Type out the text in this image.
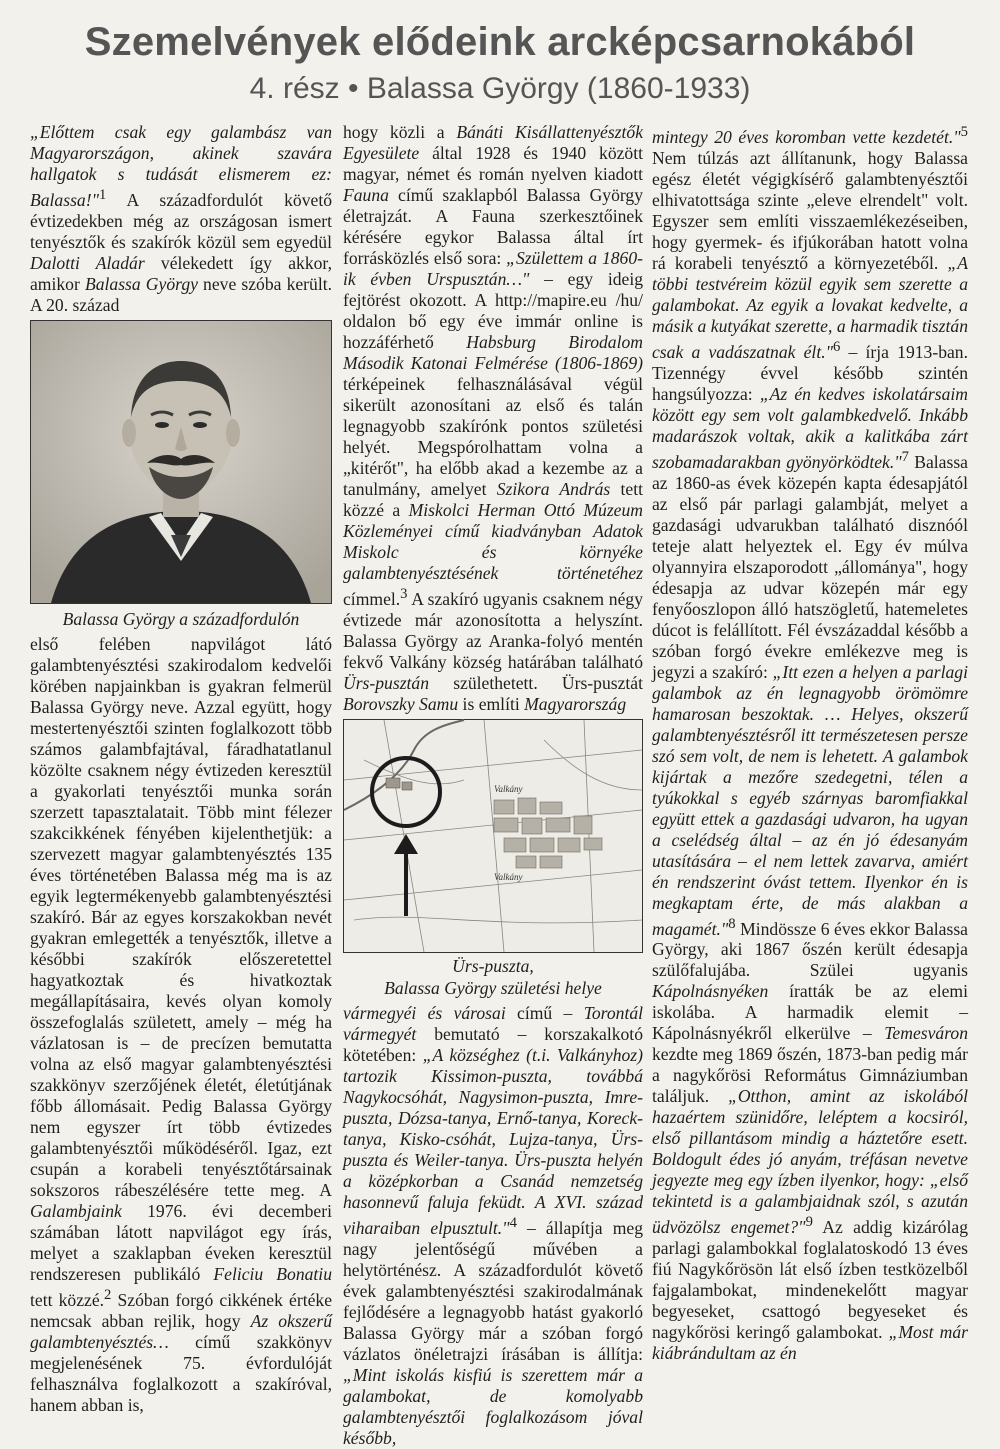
Szemelvények elődeink arcképcsarnokából
4. rész • Balassa György (1860-1933)

„Előttem csak egy galambász van Magyarországon, akinek szavára hallgatok s tudását elismerem ez: Balassa!"$^1$ A századfordulót követő évtizedekben még az országosan ismert tenyésztők és szakírók közül sem egyedül Dalotti Aladár vélekedett így akkor, amikor Balassa György neve szóba került. A 20. század

Balassa György a századfordulón

első felében napvilágot látó galambtenyésztési szakirodalom kedvelői körében napjainkban is gyakran felmerül Balassa György neve. Azzal együtt, hogy mestertenyésztői szinten foglalkozott több számos galambfajtával, fáradhatatlanul közölte csaknem négy évtizeden keresztül a gyakorlati tenyésztői munka során szerzett tapasztalatait. Több mint félezer szakcikkének fényében kijelenthetjük: a szervezett magyar galambtenyésztés 135 éves történetében Balassa még ma is az egyik legtermékenyebb galambtenyésztési szakíró. Bár az egyes korszakokban nevét gyakran emlegették a tenyésztők, illetve a későbbi szakírók előszeretettel hagyatkoztak és hivatkoztak megállapításaira, kevés olyan komoly összefoglalás született, amely – még ha vázlatosan is – de precízen bemutatta volna az első magyar galambtenyésztési szakkönyv szerzőjének életét, életútjának főbb állomásait. Pedig Balassa György nem egyszer írt több évtizedes galambtenyésztői működéséről. Igaz, ezt csupán a korabeli tenyésztőtársainak sokszoros rábeszélésére tette meg. A Galambjaink 1976. évi decemberi számában látott napvilágot egy írás, melyet a szaklapban éveken keresztül rendszeresen publikáló Feliciu Bonatiu tett közzé.$^2$ Szóban forgó cikkének értéke nemcsak abban rejlik, hogy Az okszerű galambtenyésztés… című szakkönyv megjelenésének 75. évfordulóját felhasználva foglalkozott a szakíróval, hanem abban is,

hogy közli a Bánáti Kisállattenyésztők Egyesülete által 1928 és 1940 között magyar, német és román nyelven kiadott Fauna című szaklapból Balassa György életrajzát. A Fauna szerkesztőinek kérésére egykor Balassa által írt forrásközlés első sora: „Születtem a 1860-ik évben Urspusztán…" – egy ideig fejtörést okozott. A http://mapire.eu /hu/ oldalon bő egy éve immár online is hozzáférhető Habsburg Birodalom Második Katonai Felmérése (1806-1869) térképeinek felhasználásával végül sikerült azonosítani az első és talán legnagyobb szakírónk pontos születési helyét. Megspórolhattam volna a „kitérőt", ha előbb akad a kezembe az a tanulmány, amelyet Szikora András tett közzé a Miskolci Herman Ottó Múzeum Közleményei című kiadványban Adatok Miskolc és környéke galambtenyésztésének történetéhez címmel.$^3$ A szakíró ugyanis csaknem négy évtizede már azonosította a helyszínt. Balassa György az Aranka-folyó mentén fekvő Valkány község határában található Ürs-pusztán születhetett. Ürs-pusztát Borovszky Samu is említi Magyarország

Valkány
Valkány
Ürs-puszta,
Balassa György születési helye

vármegyéi és városai című – Torontál vármegyét bemutató – korszakalkotó kötetében: „A községhez (t.i. Valkányhoz) tartozik Kissimon-puszta, továbbá Nagykocsóhát, Nagysimon-puszta, Imre-puszta, Dózsa-tanya, Ernő-tanya, Koreck-tanya, Kisko-csóhát, Lujza-tanya, Ürs-puszta és Weiler-tanya. Ürs-puszta helyén a középkorban a Csanád nemzetség hasonnevű faluja feküdt. A XVI. század viharaiban elpusztult."$^4$ – állapítja meg nagy jelentőségű művében a helytörténész. A századfordulót követő évek galambtenyésztési szakirodalmának fejlődésére a legnagyobb hatást gyakorló Balassa György már a szóban forgó vázlatos önéletrajzi írásában is állítja: „Mint iskolás kisfiú is szerettem már a galambokat, de komolyabb galambtenyésztői foglalkozásom jóval később,

mintegy 20 éves koromban vette kezdetét."$^5$ Nem túlzás azt állítanunk, hogy Balassa egész életét végigkísérő galambtenyésztői elhivatottsága szinte „eleve elrendelt" volt. Egyszer sem említi visszaemlékezéseiben, hogy gyermek- és ifjúkorában hatott volna rá korabeli tenyésztő a környezetéből. „A többi testvéreim közül egyik sem szerette a galambokat. Az egyik a lovakat kedvelte, a másik a kutyákat szerette, a harmadik tisztán csak a vadászatnak élt."$^6$ – írja 1913-ban. Tizennégy évvel később szintén hangsúlyozza: „Az én kedves iskolatársaim között egy sem volt galambkedvelő. Inkább madarászok voltak, akik a kalitkába zárt szobamadarakban gyönyörködtek."$^7$ Balassa az 1860-as évek közepén kapta édesapjától az első pár parlagi galambját, melyet a gazdasági udvarukban található disznóól teteje alatt helyeztek el. Egy év múlva olyannyira elszaporodott „állománya", hogy édesapja az udvar közepén már egy fenyőoszlopon álló hatszögletű, hatemeletes dúcot is felállított. Fél évszázaddal később a szóban forgó évekre emlékezve meg is jegyzi a szakíró: „Itt ezen a helyen a parlagi galambok az én legnagyobb örömömre hamarosan beszoktak. … Helyes, okszerű galambtenyésztésről itt természetesen persze szó sem volt, de nem is lehetett. A galambok kijártak a mezőre szedegetni, télen a tyúkokkal s egyéb szárnyas baromfiakkal együtt ettek a gazdasági udvaron, ha ugyan a cselédség által – az én jó édesanyám utasítására – el nem lettek zavarva, amiért én rendszerint óvást tettem. Ilyenkor én is megkaptam érte, de más alakban a magamét."$^8$ Mindössze 6 éves ekkor Balassa György, aki 1867 őszén került édesapja szülőfalujába. Szülei ugyanis Kápolnásnyéken íratták be az elemi iskolába. A harmadik elemit – Kápolnásnyékről elkerülve – Temesváron kezdte meg 1869 őszén, 1873-ban pedig már a nagykőrösi Református Gimnáziumban találjuk. „Otthon, amint az iskolából hazaértem szünidőre, leléptem a kocsiról, első pillantásom mindig a háztetőre esett. Boldogult édes jó anyám, tréfásan nevetve jegyezte meg egy ízben ilyenkor, hogy: „első tekintetd is a galambjaidnak szól, s azután üdvözölsz engemet?"$^9$ Az addig kizárólag parlagi galambokkal foglalatoskodó 13 éves fiú Nagykőrösön lát első ízben testközelből fajgalambokat, mindenekelőtt magyar begyeseket, csattogó begyeseket és nagykőrösi keringő galambokat. „Most már kiábrándultam az én
